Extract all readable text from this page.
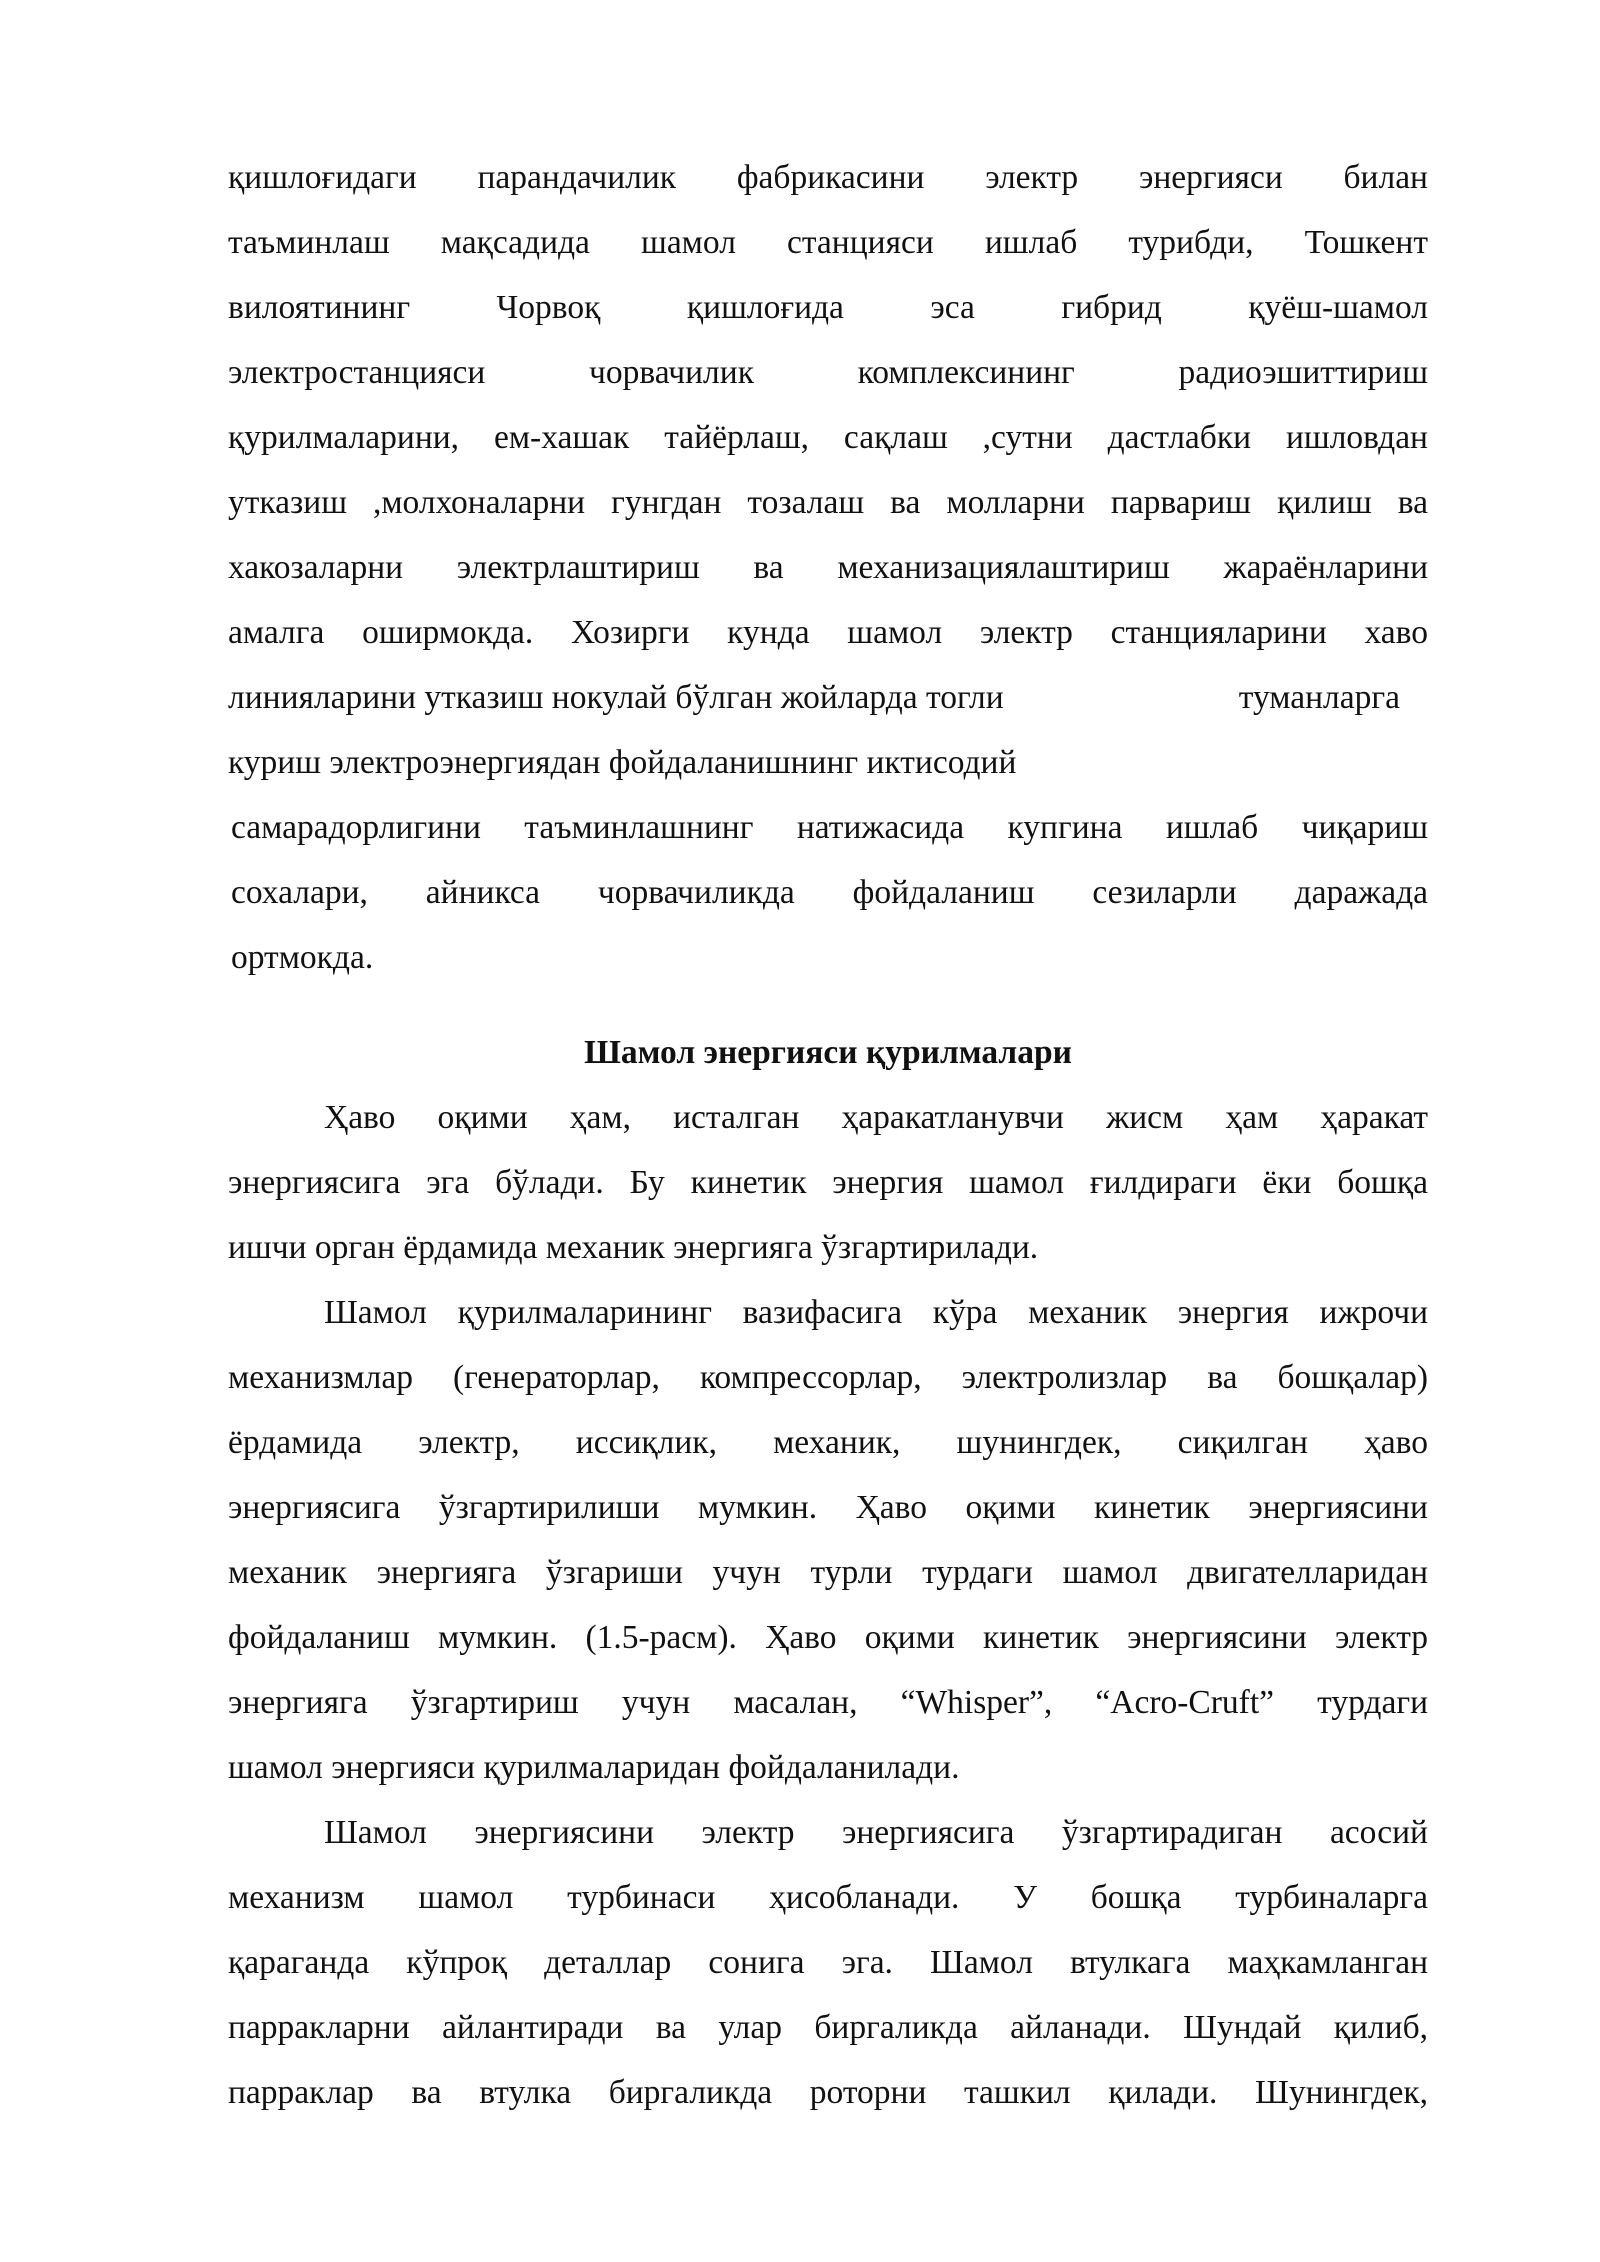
қишлоғидаги парандачилик фабрикасини электр энергияси билан
таъминлаш мақсадида шамол станцияси ишлаб турибди, Тошкент
вилоятининг Чорвоқ қишлоғида эса гибрид қуёш-шамол
электростанцияси чорвачилик комплексининг радиоэшиттириш
қурилмаларини, ем-хашак тайёрлаш, сақлаш ,сутни дастлабки ишловдан
утказиш ,молхоналарни гунгдан тозалаш ва молларни парвариш қилиш ва
хакозаларни электрлаштириш ва механизациялаштириш жараёнларини
амалга оширмокда. Хозирги кунда шамол электр станцияларини хаво
линияларини утказиш нокулай бўлган жойларда тогли	туманларга
куриш электроэнергиядан фойдаланишнинг иктисодий
самарадорлигини таъминлашнинг натижасида купгина ишлаб чиқариш
сохалари, айникса чорвачиликда фойдаланиш сезиларли даражада
ортмокда.
Шамол энергияси қурилмалари
Ҳаво оқими ҳам, исталган ҳаракатланувчи жисм ҳам ҳаракат
энергиясига эга бўлади. Бу кинетик энергия шамол ғилдираги ёки бошқа
ишчи орган ёрдамида механик энергияга ўзгартирилади.
Шамол қурилмаларининг вазифасига кўра механик энергия ижрочи
механизмлар (генераторлар, компрессорлар, электролизлар ва бошқалар)
ёрдамида электр, иссиқлик, механик, шунингдек, сиқилган ҳаво
энергиясига ўзгартирилиши мумкин. Ҳаво оқими кинетик энергиясини
механик энергияга ўзгариши учун турли турдаги шамол двигателларидан
фойдаланиш мумкин. (1.5-расм). Ҳаво оқими кинетик энергиясини электр
энергияга ўзгартириш учун масалан, “Whisper”, “Acro-Cruft” турдаги
шамол энергияси қурилмаларидан фойдаланилади.
Шамол энергиясини электр энергиясига ўзгартирадиган асосий
механизм шамол турбинаси ҳисобланади. У бошқа турбиналарга
қараганда кўпроқ деталлар сонига эга. Шамол втулкага маҳкамланган
парракларни айлантиради ва улар биргаликда айланади. Шундай қилиб,
парраклар ва втулка биргаликда роторни ташкил қилади. Шунингдек,
